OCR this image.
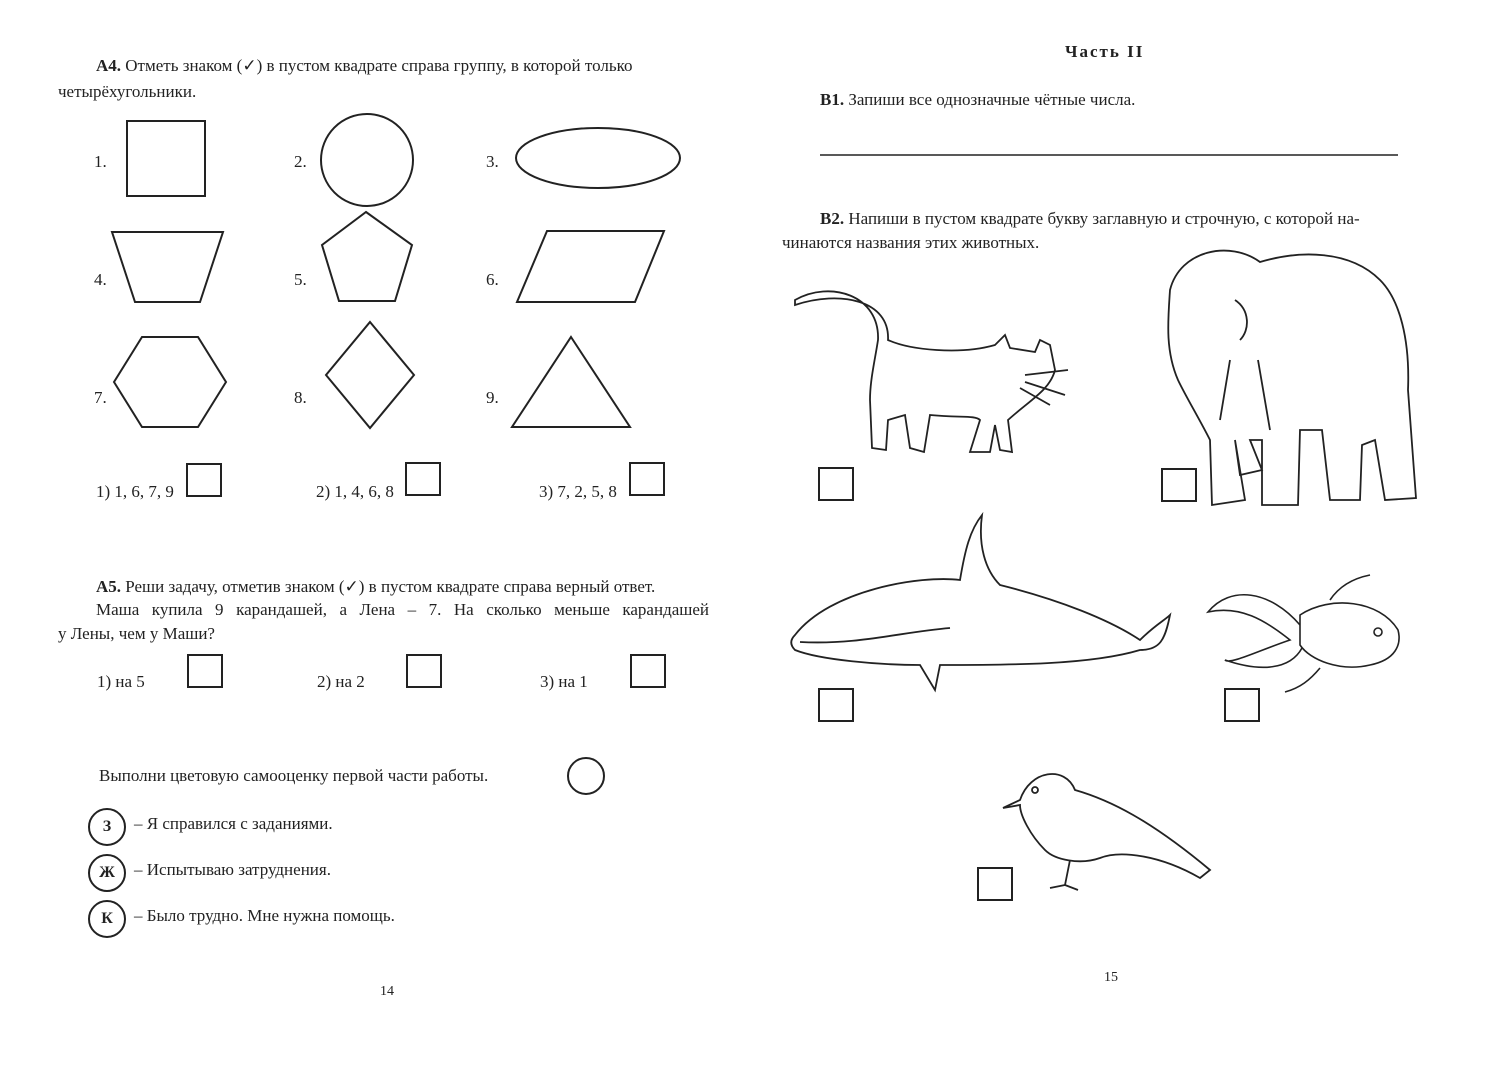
А4. Отметь знаком (✓) в пустом квадрате справа группу, в которой только
четырёхугольники.
1.	2.	3.
4.	5.	6.
7.	8.	9.
1) 1, 6, 7, 9	2) 1, 4, 6, 8	3) 7, 2, 5, 8
А5. Реши задачу, отметив знаком (✓) в пустом квадрате справа верный ответ.
Маша купила 9 карандашей, а Лена – 7. На сколько меньше карандашей
у Лены, чем у Маши?
1) на 5	2) на 2	3) на 1
Выполни цветовую самооценку первой части работы.
З	– Я справился с заданиями.
Ж	– Испытываю затруднения.
К	– Было трудно. Мне нужна помощь.
14
Часть II
В1. Запиши все однозначные чётные числа.
В2. Напиши в пустом квадрате букву заглавную и строчную, с которой на-
чинаются названия этих животных.
15
